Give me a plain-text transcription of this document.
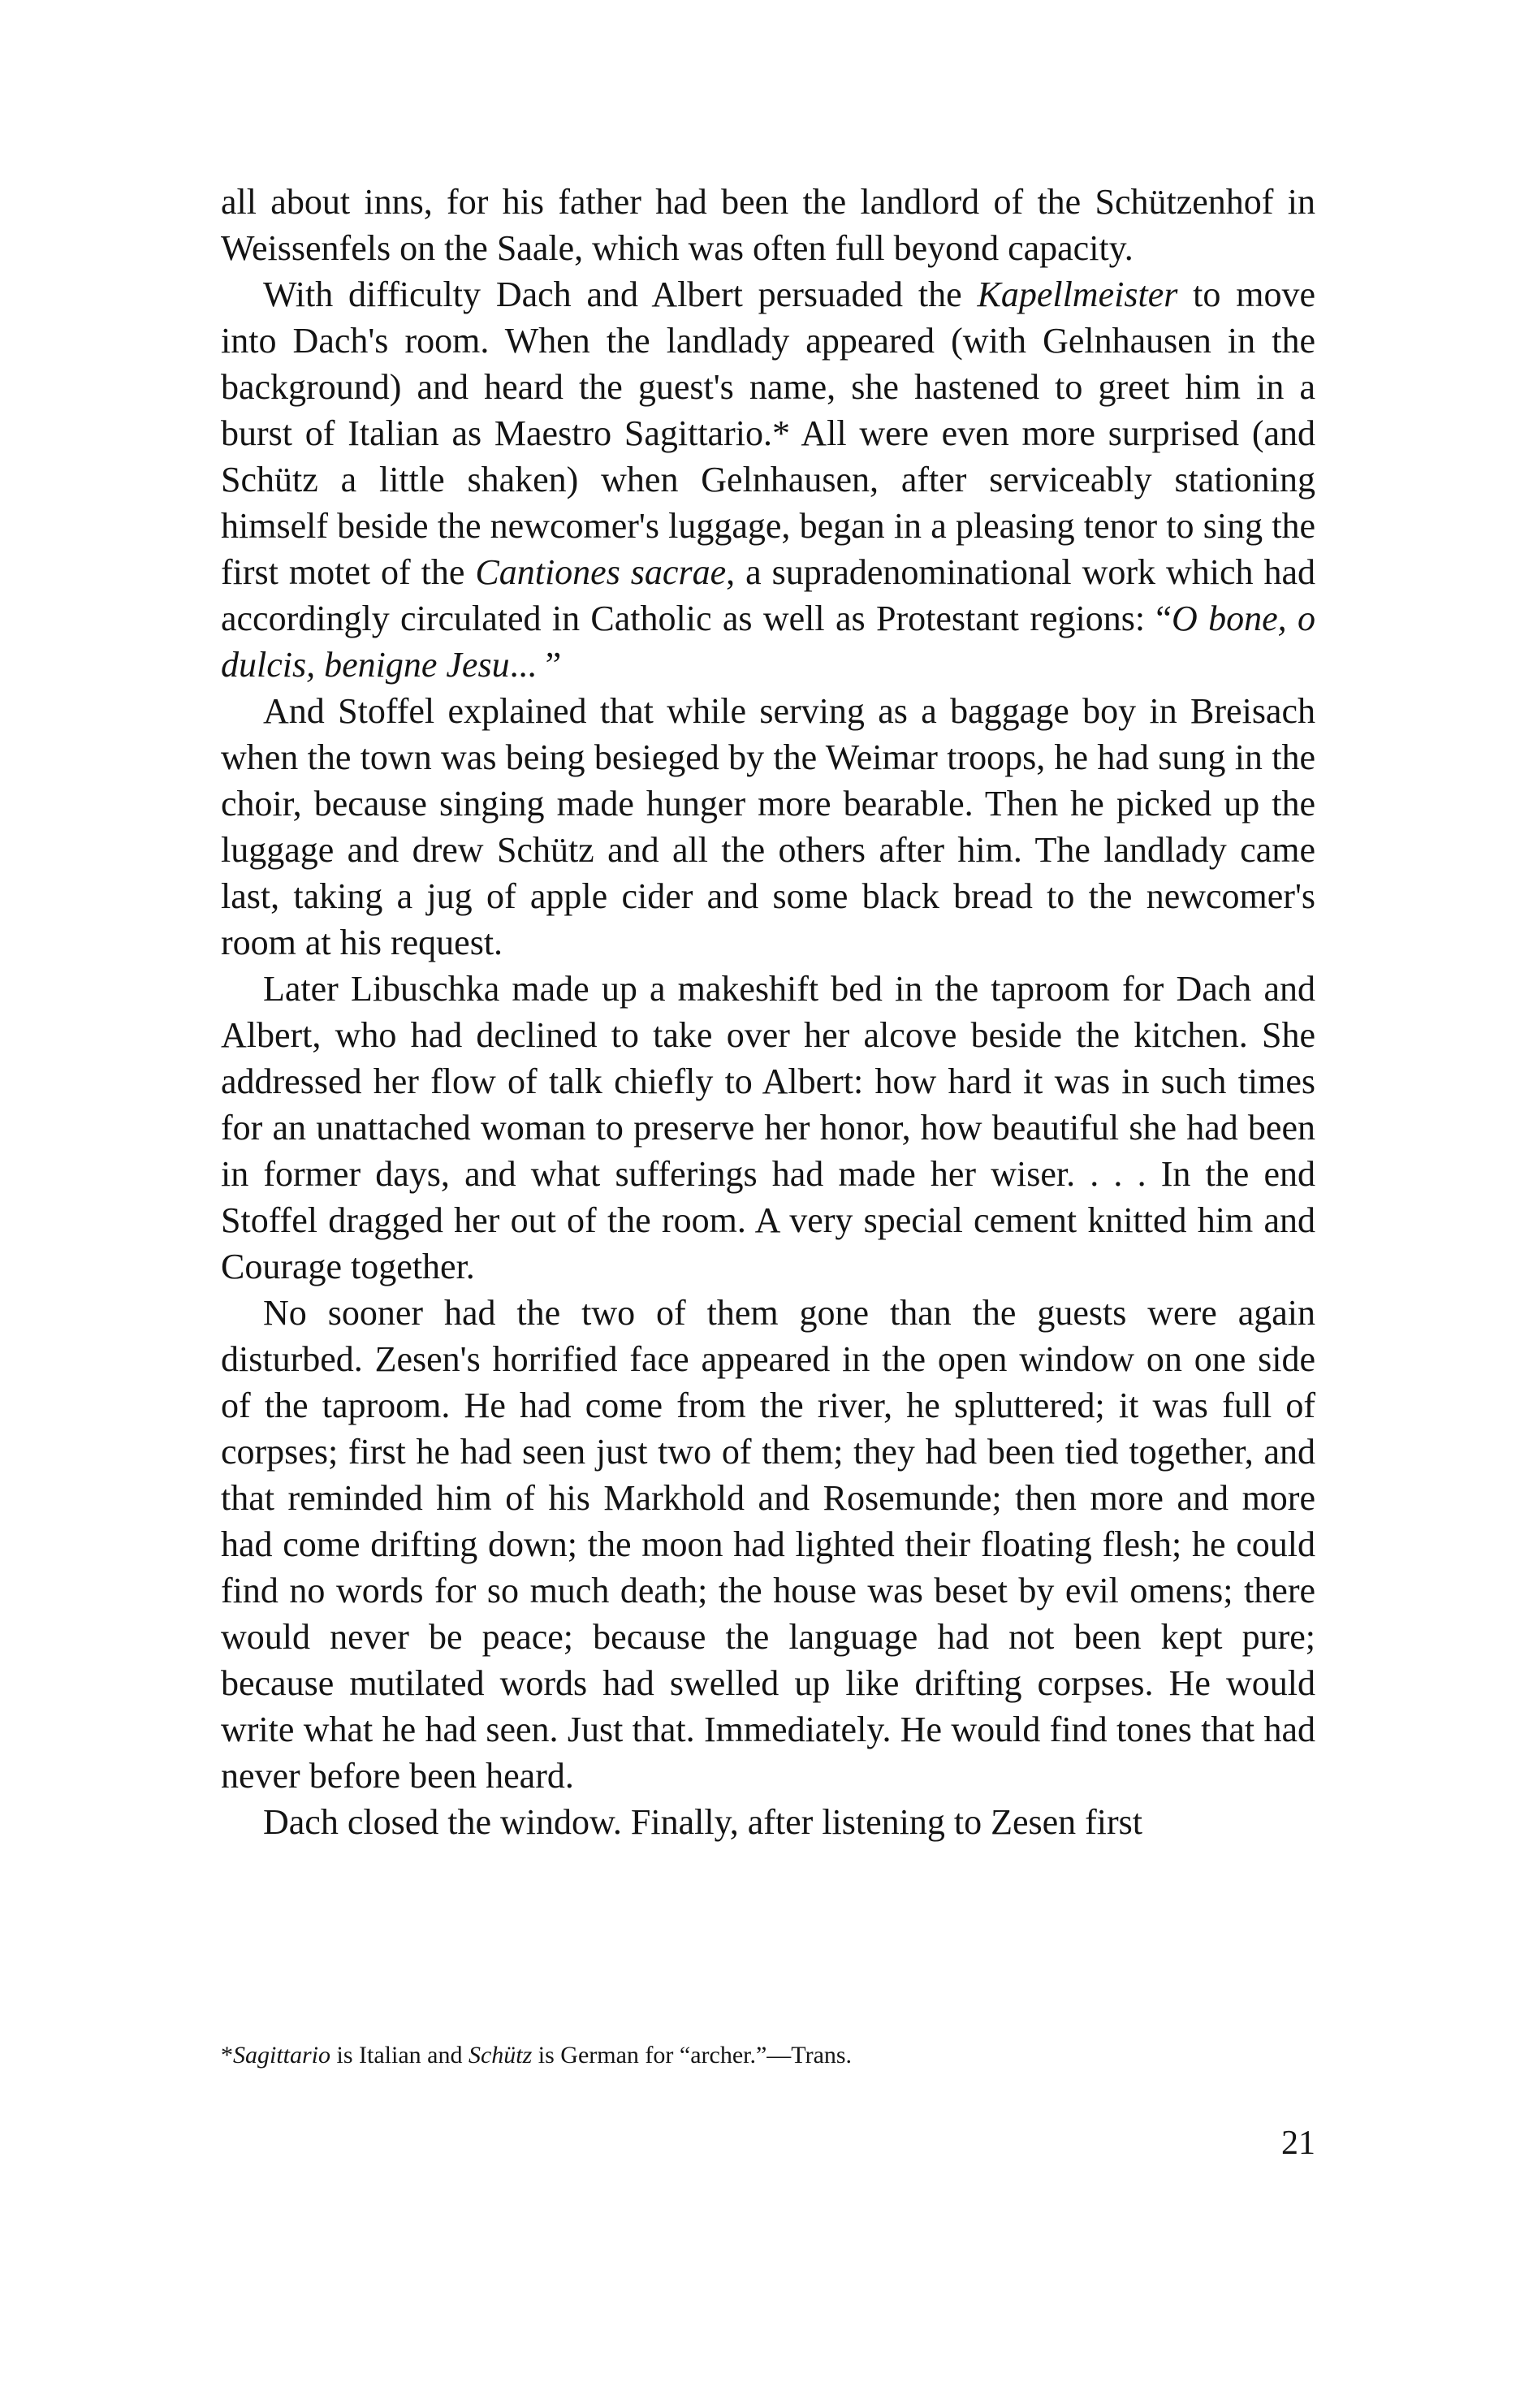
all about inns, for his father had been the landlord of the Schützenhof in Weissenfels on the Saale, which was often full beyond capacity.

With difficulty Dach and Albert persuaded the Kapellmeister to move into Dach's room. When the landlady appeared (with Gelnhausen in the background) and heard the guest's name, she hastened to greet him in a burst of Italian as Maestro Sagittario.* All were even more surprised (and Schütz a little shaken) when Gelnhausen, after serviceably stationing himself beside the newcomer's luggage, began in a pleasing tenor to sing the first motet of the Cantiones sacrae, a supradenominational work which had accordingly circulated in Catholic as well as Protestant regions: “O bone, o dulcis, benigne Jesu... ”

And Stoffel explained that while serving as a baggage boy in Breisach when the town was being besieged by the Weimar troops, he had sung in the choir, because singing made hunger more bearable. Then he picked up the luggage and drew Schütz and all the others after him. The landlady came last, taking a jug of apple cider and some black bread to the newcomer's room at his request.

Later Libuschka made up a makeshift bed in the taproom for Dach and Albert, who had declined to take over her alcove beside the kitchen. She addressed her flow of talk chiefly to Albert: how hard it was in such times for an unattached woman to preserve her honor, how beautiful she had been in former days, and what sufferings had made her wiser. . . . In the end Stoffel dragged her out of the room. A very special cement knitted him and Courage together.

No sooner had the two of them gone than the guests were again disturbed. Zesen's horrified face appeared in the open window on one side of the taproom. He had come from the river, he spluttered; it was full of corpses; first he had seen just two of them; they had been tied together, and that reminded him of his Markhold and Rosemunde; then more and more had come drifting down; the moon had lighted their floating flesh; he could find no words for so much death; the house was beset by evil omens; there would never be peace; because the language had not been kept pure; because mutilated words had swelled up like drifting corpses. He would write what he had seen. Just that. Immediately. He would find tones that had never before been heard.

Dach closed the window. Finally, after listening to Zesen first

*Sagittario is Italian and Schütz is German for “archer.”—Trans.
21
